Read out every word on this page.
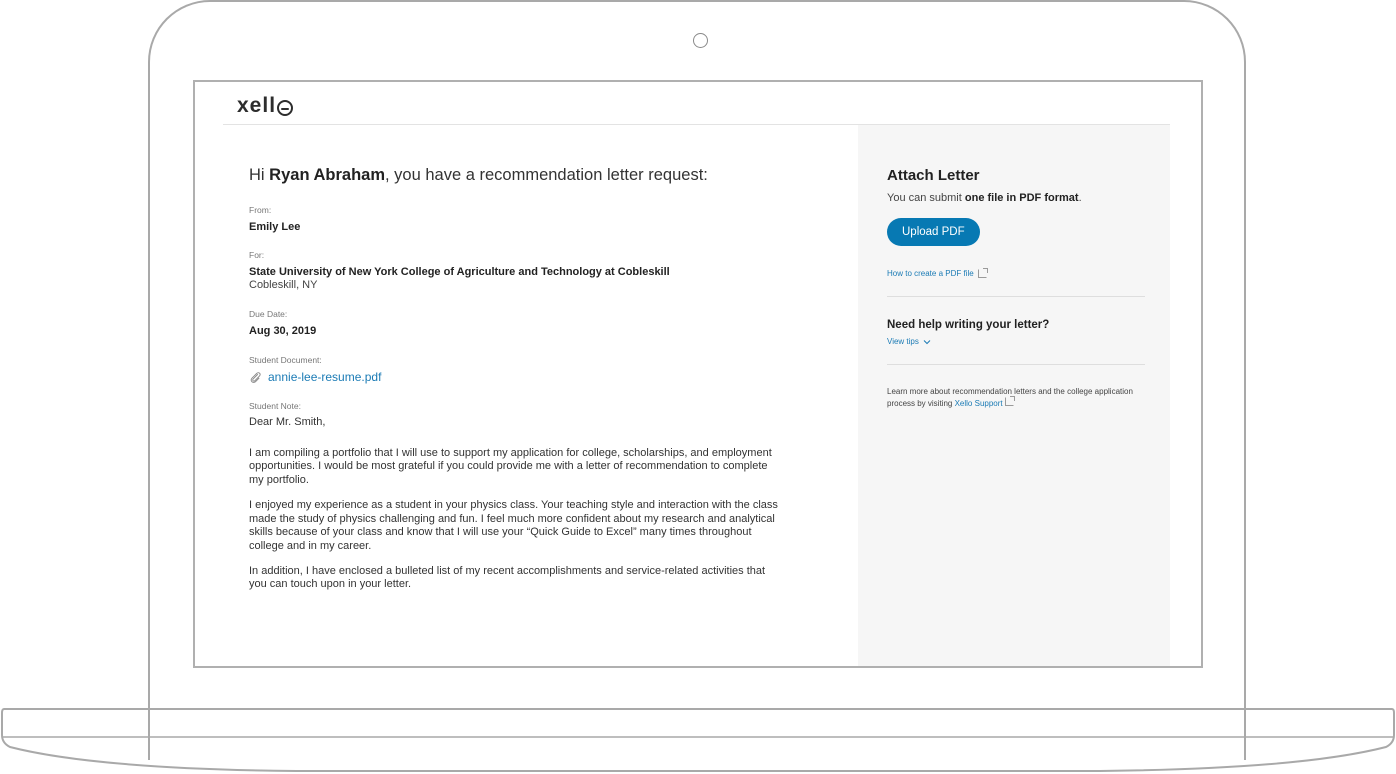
xell
Attach Letter
You can submit one file in PDF format.
Upload PDF
How to create a PDF file
Need help writing your letter?
View tips
Learn more about recommendation letters and the college application process by visiting Xello Support

Hi Ryan Abraham, you have a recommendation letter request:

From:
Emily Lee
For:
State University of New York College of Agriculture and Technology at Cobleskill
Cobleskill, NY
Due Date:
Aug 30, 2019
Student Document:
annie-lee-resume.pdf
Student Note:

Dear Mr. Smith,

I am compiling a portfolio that I will use to support my application for college, scholarships, and employment opportunities. I would be most grateful if you could provide me with a letter of recommendation to complete my portfolio.

I enjoyed my experience as a student in your physics class. Your teaching style and interaction with the class made the study of physics challenging and fun. I feel much more confident about my research and analytical skills because of your class and know that I will use your “Quick Guide to Excel” many times throughout college and in my career.

In addition, I have enclosed a bulleted list of my recent accomplishments and service-related activities that you can touch upon in your letter.
